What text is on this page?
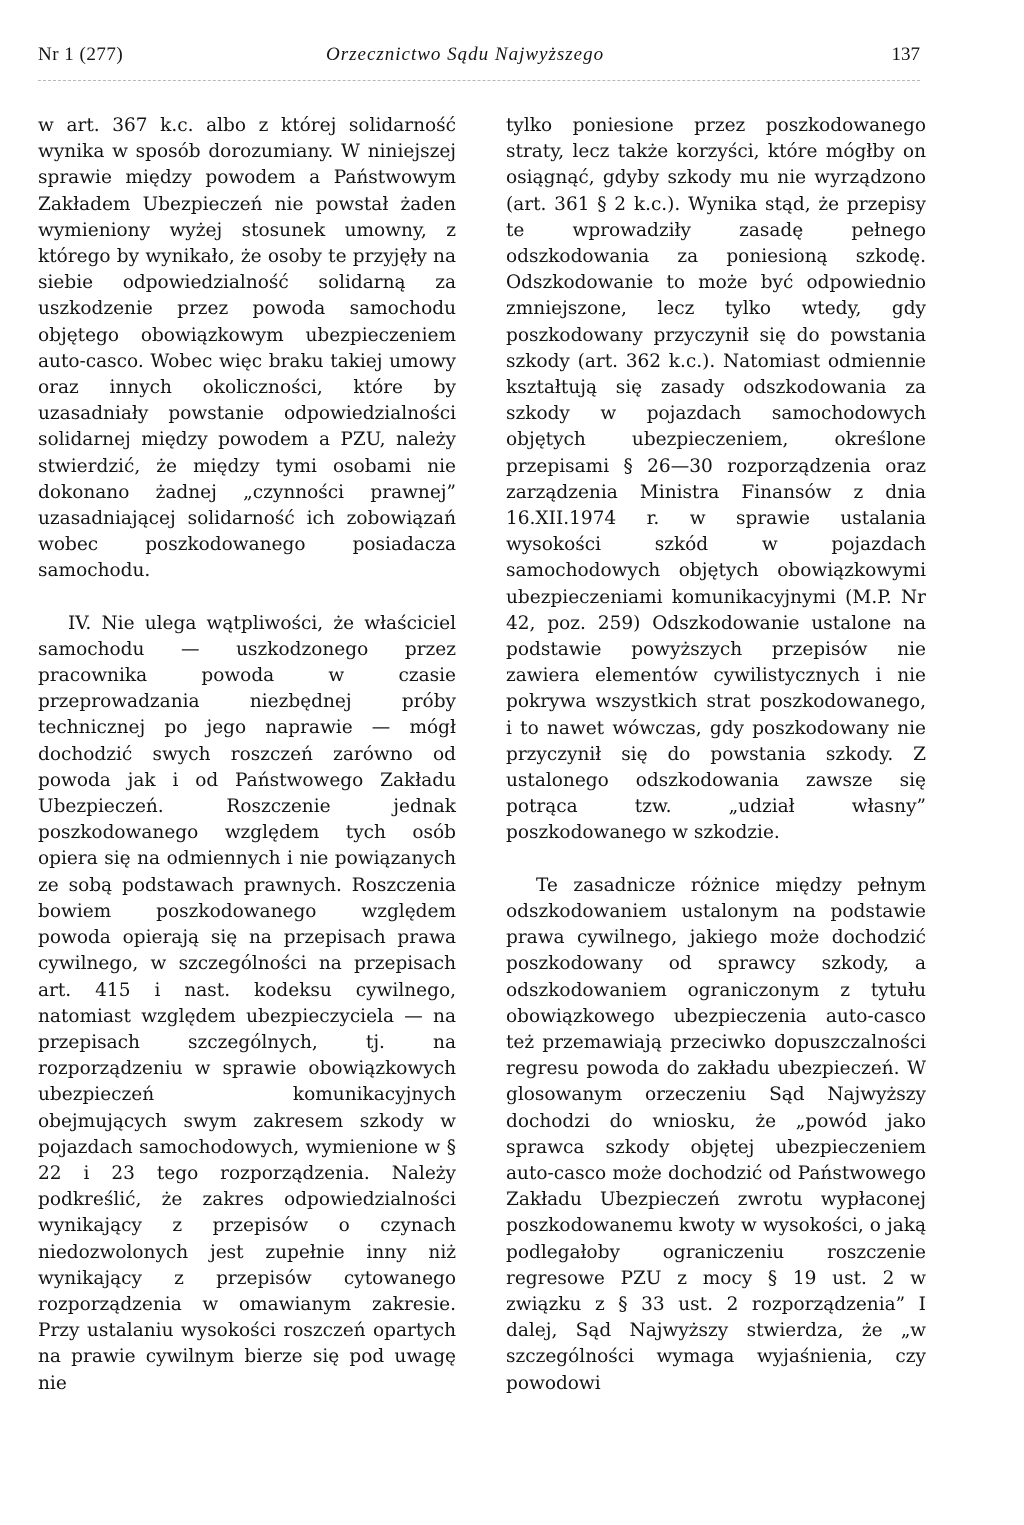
Nr 1 (277)	Orzecznictwo Sądu Najwyższego	137

w art. 367 k.c. albo z której solidarność wynika w sposób dorozumiany. W niniejszej sprawie między powodem a Państwowym Zakładem Ubezpieczeń nie powstał żaden wymieniony wyżej stosunek umowny, z którego by wynikało, że osoby te przyjęły na siebie odpowiedzialność solidarną za uszkodzenie przez powoda samochodu objętego obowiązkowym ubezpieczeniem auto-casco. Wobec więc braku takiej umowy oraz innych okoliczności, które by uzasadniały powstanie odpowiedzialności solidarnej między powodem a PZU, należy stwierdzić, że między tymi osobami nie dokonano żadnej „czynności prawnej” uzasadniającej solidarność ich zobowiązań wobec poszkodowanego posiadacza samochodu.

IV. Nie ulega wątpliwości, że właściciel samochodu — uszkodzonego przez pracownika powoda w czasie przeprowadzania niezbędnej próby technicznej po jego naprawie — mógł dochodzić swych roszczeń zarówno od powoda jak i od Państwowego Zakładu Ubezpieczeń. Roszczenie jednak poszkodowanego względem tych osób opiera się na odmiennych i nie powiązanych ze sobą podstawach prawnych. Roszczenia bowiem poszkodowanego względem powoda opierają się na przepisach prawa cywilnego, w szczególności na przepisach art. 415 i nast. kodeksu cywilnego, natomiast względem ubezpieczyciela — na przepisach szczególnych, tj. na rozporządzeniu w sprawie obowiązkowych ubezpieczeń komunikacyjnych obejmujących swym zakresem szkody w pojazdach samochodowych, wymienione w § 22 i 23 tego rozporządzenia. Należy podkreślić, że zakres odpowiedzialności wynikający z przepisów o czynach niedozwolonych jest zupełnie inny niż wynikający z przepisów cytowanego rozporządzenia w omawianym zakresie. Przy ustalaniu wysokości roszczeń opartych na prawie cywilnym bierze się pod uwagę nie

tylko poniesione przez poszkodowanego straty, lecz także korzyści, które mógłby on osiągnąć, gdyby szkody mu nie wyrządzono (art. 361 § 2 k.c.). Wynika stąd, że przepisy te wprowadziły zasadę pełnego odszkodowania za poniesioną szkodę. Odszkodowanie to może być odpowiednio zmniejszone, lecz tylko wtedy, gdy poszkodowany przyczynił się do powstania szkody (art. 362 k.c.). Natomiast odmiennie kształtują się zasady odszkodowania za szkody w pojazdach samochodowych objętych ubezpieczeniem, określone przepisami § 26—30 rozporządzenia oraz zarządzenia Ministra Finansów z dnia 16.XII.1974 r. w sprawie ustalania wysokości szkód w pojazdach samochodowych objętych obowiązkowymi ubezpieczeniami komunikacyjnymi (M.P. Nr 42, poz. 259) Odszkodowanie ustalone na podstawie powyższych przepisów nie zawiera elementów cywilistycznych i nie pokrywa wszystkich strat poszkodowanego, i to nawet wówczas, gdy poszkodowany nie przyczynił się do powstania szkody. Z ustalonego odszkodowania zawsze się potrąca tzw. „udział własny” poszkodowanego w szkodzie.

Te zasadnicze różnice między pełnym odszkodowaniem ustalonym na podstawie prawa cywilnego, jakiego może dochodzić poszkodowany od sprawcy szkody, a odszkodowaniem ograniczonym z tytułu obowiązkowego ubezpieczenia auto-casco też przemawiają przeciwko dopuszczalności regresu powoda do zakładu ubezpieczeń. W glosowanym orzeczeniu Sąd Najwyższy dochodzi do wniosku, że „powód jako sprawca szkody objętej ubezpieczeniem auto-casco może dochodzić od Państwowego Zakładu Ubezpieczeń zwrotu wypłaconej poszkodowanemu kwoty w wysokości, o jaką podlegałoby ograniczeniu roszczenie regresowe PZU z mocy § 19 ust. 2 w związku z § 33 ust. 2 rozporządzenia” I dalej, Sąd Najwyższy stwierdza, że „w szczególności wymaga wyjaśnienia, czy powodowi
